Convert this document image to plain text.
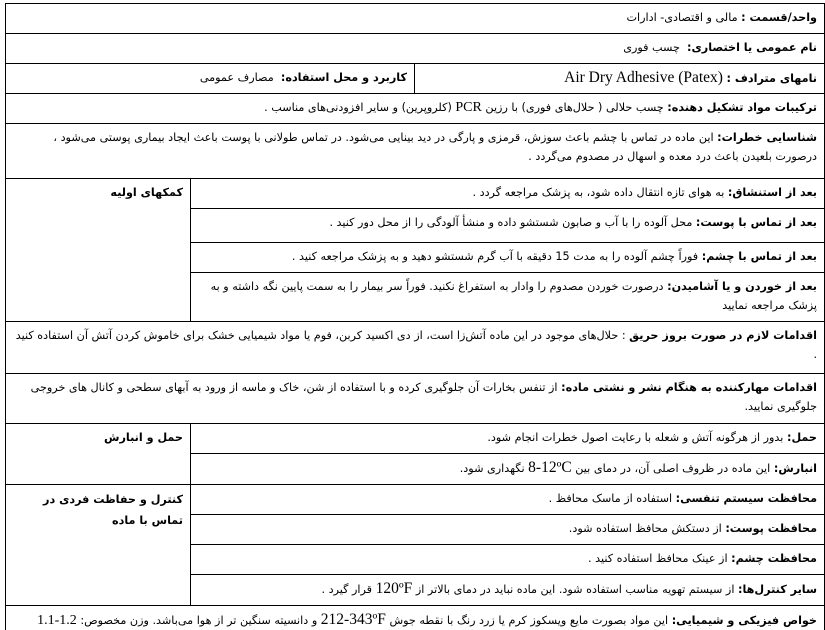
واحد/قسمت : مالی و اقتصادی- ادارات
نام عمومی یا اختصاری:  چسب فوری

نامهای مترادف : Air Dry Adhesive (Patex)	کاربرد و محل استفاده:  مصارف عمومی

ترکیبات مواد تشکیل دهنده: چسب حلالی ( حلال‌های فوری) با رزین PCR (کلروپرین) و سایر افزودنی‌های مناسب .
شناسایی خطرات: این ماده در تماس با چشم باعث سوزش، قرمزی و پارگی در دید بینایی می‌شود. در تماس طولانی با پوست باعث ایجاد بیماری پوستی می‌شود ، درصورت بلعیدن باعث درد معده و اسهال در مصدوم می‌گردد .
بعد از استنشاق: به هوای تازه انتقال داده شود، به پزشک مراجعه گردد .	کمکهای اولیه
بعد از تماس با پوست: محل آلوده را با آب و صابون شستشو داده و منشأ آلودگی را از محل دور کنید .
بعد از تماس با چشم: فوراً چشم آلوده را به مدت 15 دقیقه با آب گرم شستشو دهید و به پزشک مراجعه کنید .
بعد از خوردن و یا آشامیدن: درصورت خوردن مصدوم را وادار به استفراغ نکنید. فوراً سر بیمار را به سمت پایین نگه داشته و به پزشک مراجعه نمایید
اقدامات لازم در صورت بروز حریق : حلال‌های موجود در این ماده آتش‌زا است، از دی اکسید کربن، فوم یا مواد شیمیایی خشک برای خاموش کردن آتش آن استفاده کنید .
اقدامات مهارکننده به هنگام نشر و نشتی ماده: از تنفس بخارات آن جلوگیری کرده و با استفاده از شن، خاک و ماسه از ورود به آبهای سطحی و کانال های خروجی جلوگیری نمایید.
حمل: بدور از هرگونه آتش و شعله با رعایت اصول خطرات انجام شود.	حمل و انبارش
انبارش: این ماده در ظروف اصلی آن، در دمای بین 8-12ºC نگهداری شود.
محافظت سیستم تنفسی: استفاده از ماسک محافظ .	کنترل و حفاظت فردی در تماس با ماده
محافظت پوست: از دستکش محافظ استفاده شود.
محافظت چشم: از عینک محافظ استفاده کنید .
سایر کنترل‌ها: از سیستم تهویه مناسب استفاده شود. این ماده نباید در دمای بالاتر از 120ºF قرار گیرد .
خواص فیزیکی و شیمیایی: این مواد بصورت مایع ویسکوز کرم یا زرد رنگ با نقطه جوش 212-343ºF و دانسیته سنگین تر از هوا می‌باشد. وزن مخصوص: 1.1-1.2
